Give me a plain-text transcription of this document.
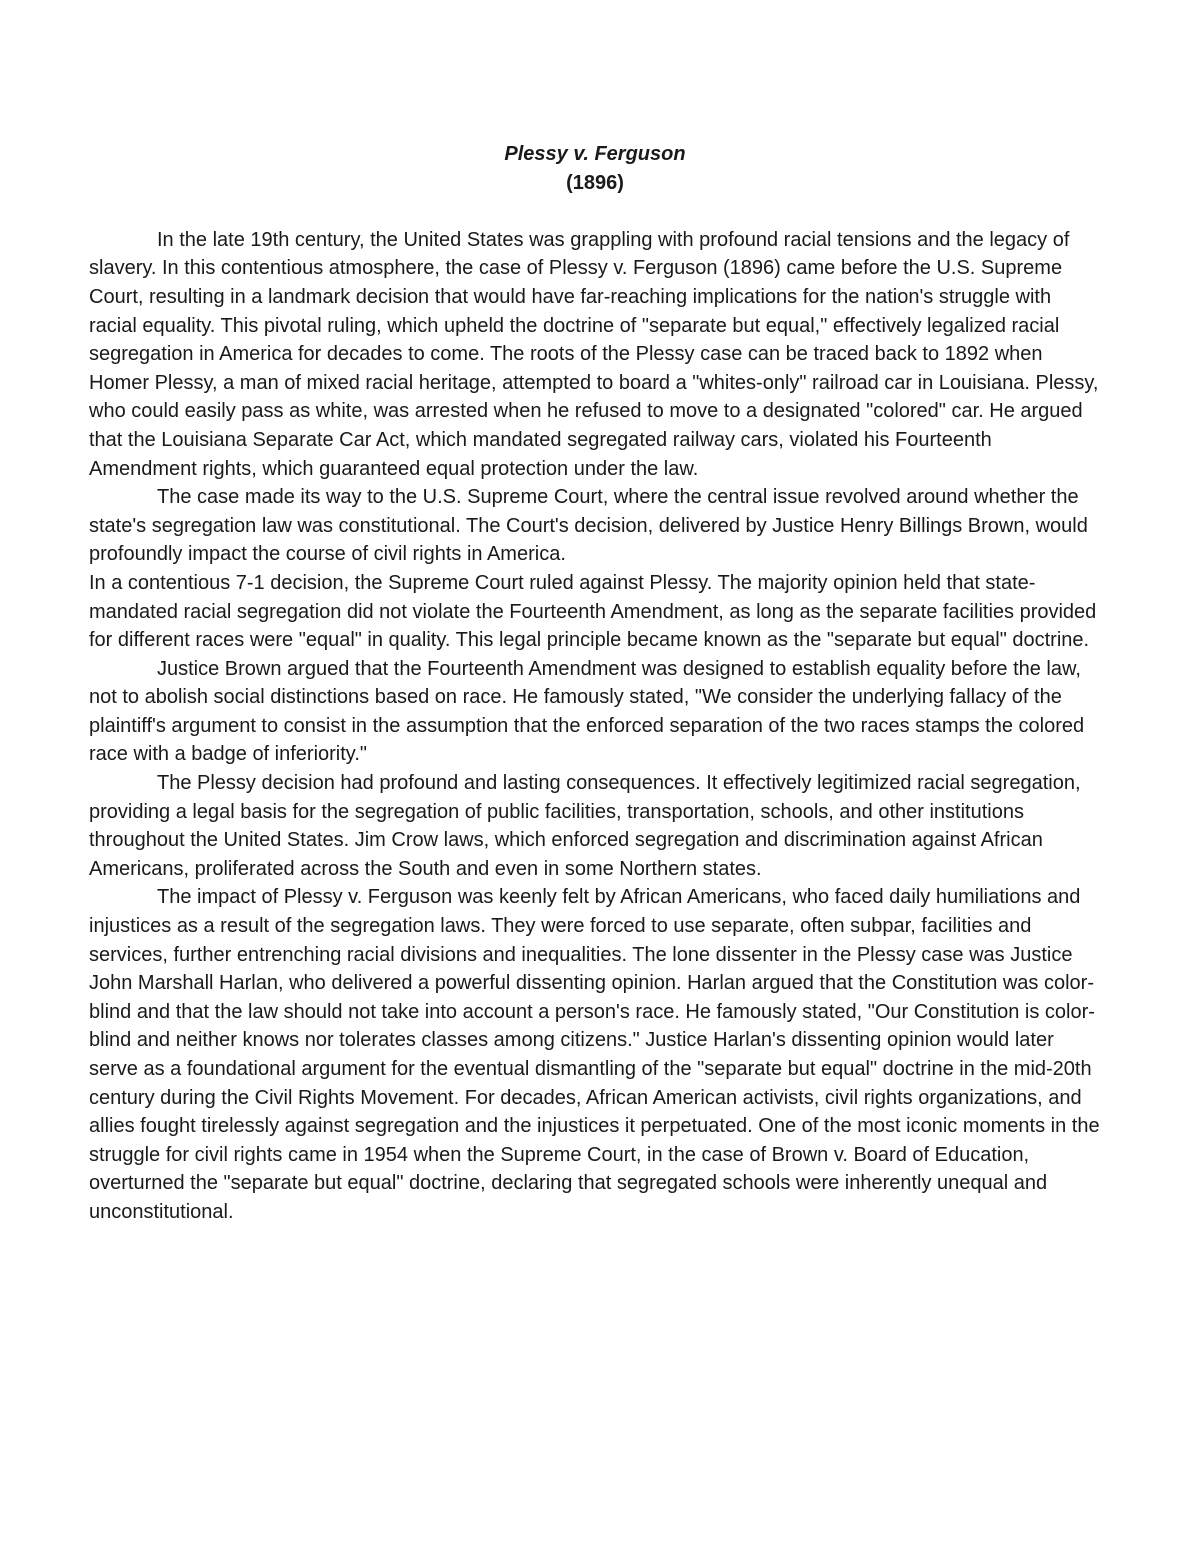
Plessy v. Ferguson

(1896)

In the late 19th century, the United States was grappling with profound racial tensions and the legacy of slavery. In this contentious atmosphere, the case of Plessy v. Ferguson (1896) came before the U.S. Supreme Court, resulting in a landmark decision that would have far-reaching implications for the nation's struggle with racial equality. This pivotal ruling, which upheld the doctrine of "separate but equal," effectively legalized racial segregation in America for decades to come. The roots of the Plessy case can be traced back to 1892 when Homer Plessy, a man of mixed racial heritage, attempted to board a "whites-only" railroad car in Louisiana. Plessy, who could easily pass as white, was arrested when he refused to move to a designated "colored" car. He argued that the Louisiana Separate Car Act, which mandated segregated railway cars, violated his Fourteenth Amendment rights, which guaranteed equal protection under the law.

The case made its way to the U.S. Supreme Court, where the central issue revolved around whether the state's segregation law was constitutional. The Court's decision, delivered by Justice Henry Billings Brown, would profoundly impact the course of civil rights in America.

In a contentious 7-1 decision, the Supreme Court ruled against Plessy. The majority opinion held that state-mandated racial segregation did not violate the Fourteenth Amendment, as long as the separate facilities provided for different races were "equal" in quality. This legal principle became known as the "separate but equal" doctrine.

Justice Brown argued that the Fourteenth Amendment was designed to establish equality before the law, not to abolish social distinctions based on race. He famously stated, "We consider the underlying fallacy of the plaintiff's argument to consist in the assumption that the enforced separation of the two races stamps the colored race with a badge of inferiority."

The Plessy decision had profound and lasting consequences. It effectively legitimized racial segregation, providing a legal basis for the segregation of public facilities, transportation, schools, and other institutions throughout the United States. Jim Crow laws, which enforced segregation and discrimination against African Americans, proliferated across the South and even in some Northern states.

The impact of Plessy v. Ferguson was keenly felt by African Americans, who faced daily humiliations and injustices as a result of the segregation laws. They were forced to use separate, often subpar, facilities and services, further entrenching racial divisions and inequalities. The lone dissenter in the Plessy case was Justice John Marshall Harlan, who delivered a powerful dissenting opinion. Harlan argued that the Constitution was color-blind and that the law should not take into account a person's race. He famously stated, "Our Constitution is color-blind and neither knows nor tolerates classes among citizens." Justice Harlan's dissenting opinion would later serve as a foundational argument for the eventual dismantling of the "separate but equal" doctrine in the mid-20th century during the Civil Rights Movement. For decades, African American activists, civil rights organizations, and allies fought tirelessly against segregation and the injustices it perpetuated. One of the most iconic moments in the struggle for civil rights came in 1954 when the Supreme Court, in the case of Brown v. Board of Education, overturned the "separate but equal" doctrine, declaring that segregated schools were inherently unequal and unconstitutional.
